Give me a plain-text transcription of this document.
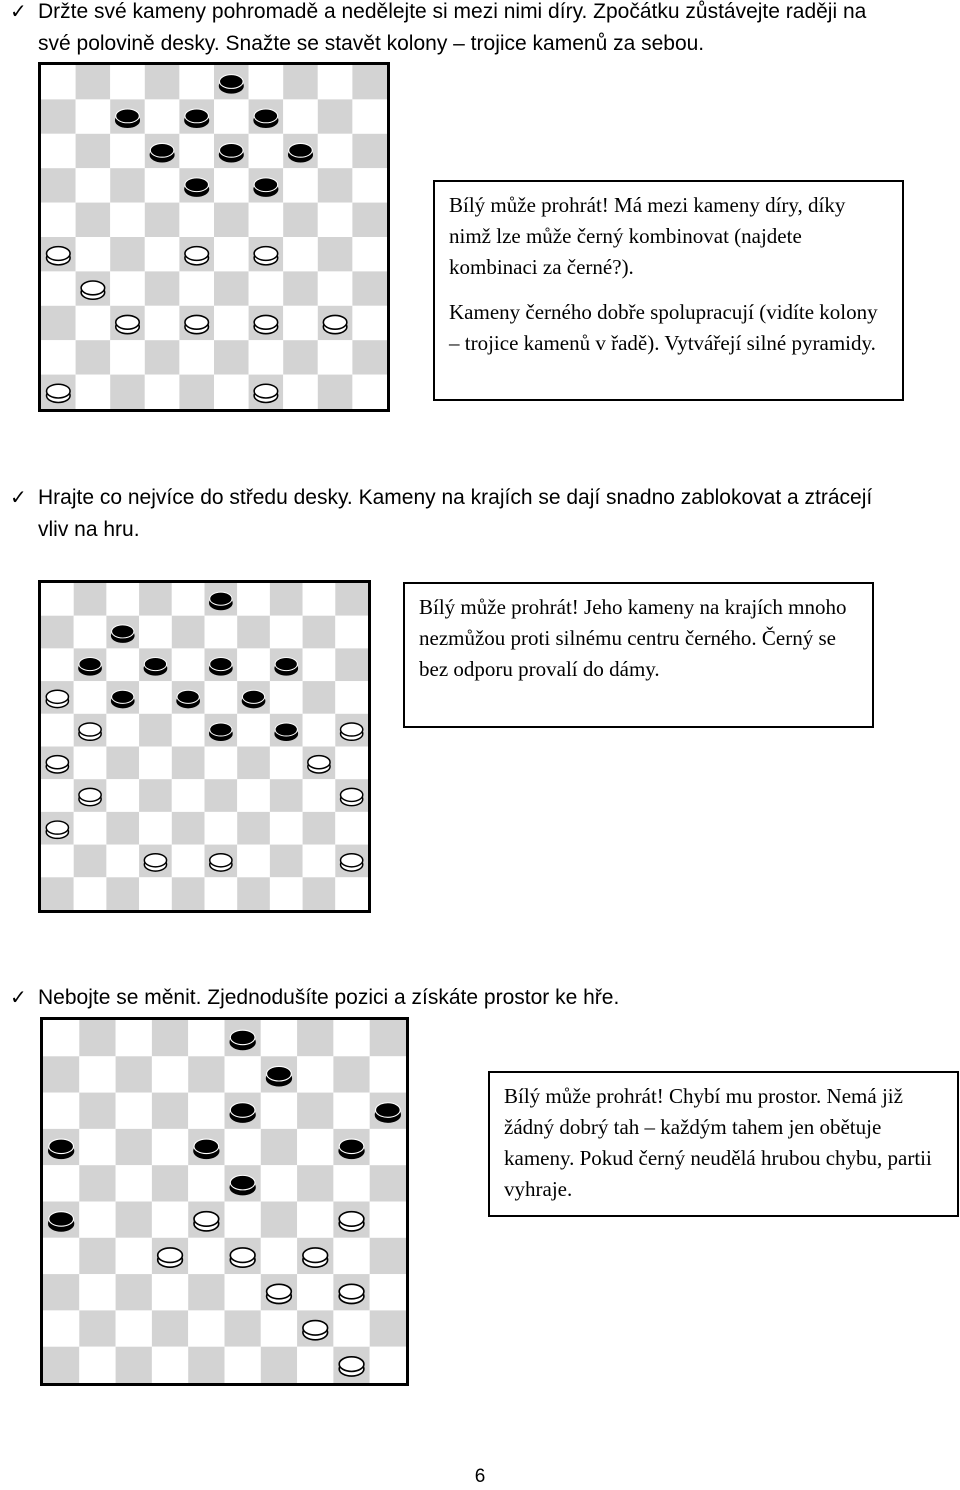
✓ Držte své kameny pohromadě a nedělejte si mezi nimi díry. Zpočátku zůstávejte raději na své polovině desky. Snažte se stavět kolony – trojice kamenů za sebou.

Bílý může prohrát! Má mezi kameny díry, díky nimž lze může černý kombinovat (najdete kombinaci za černé?).

Kameny černého dobře spolupracují (vidíte kolony – trojice kamenů v řadě). Vytvářejí silné pyramidy.

✓ Hrajte co nejvíce do středu desky. Kameny na krajích se dají snadno zablokovat a ztrácejí vliv na hru.

Bílý může prohrát! Jeho kameny na krajích mnoho nezmůžou proti silnému centru černého. Černý se bez odporu provalí do dámy.

✓ Nebojte se měnit. Zjednodušíte pozici a získáte prostor ke hře.

Bílý může prohrát! Chybí mu prostor. Nemá již žádný dobrý tah – každým tahem jen obětuje kameny. Pokud černý neudělá hrubou chybu, partii vyhraje.

6
